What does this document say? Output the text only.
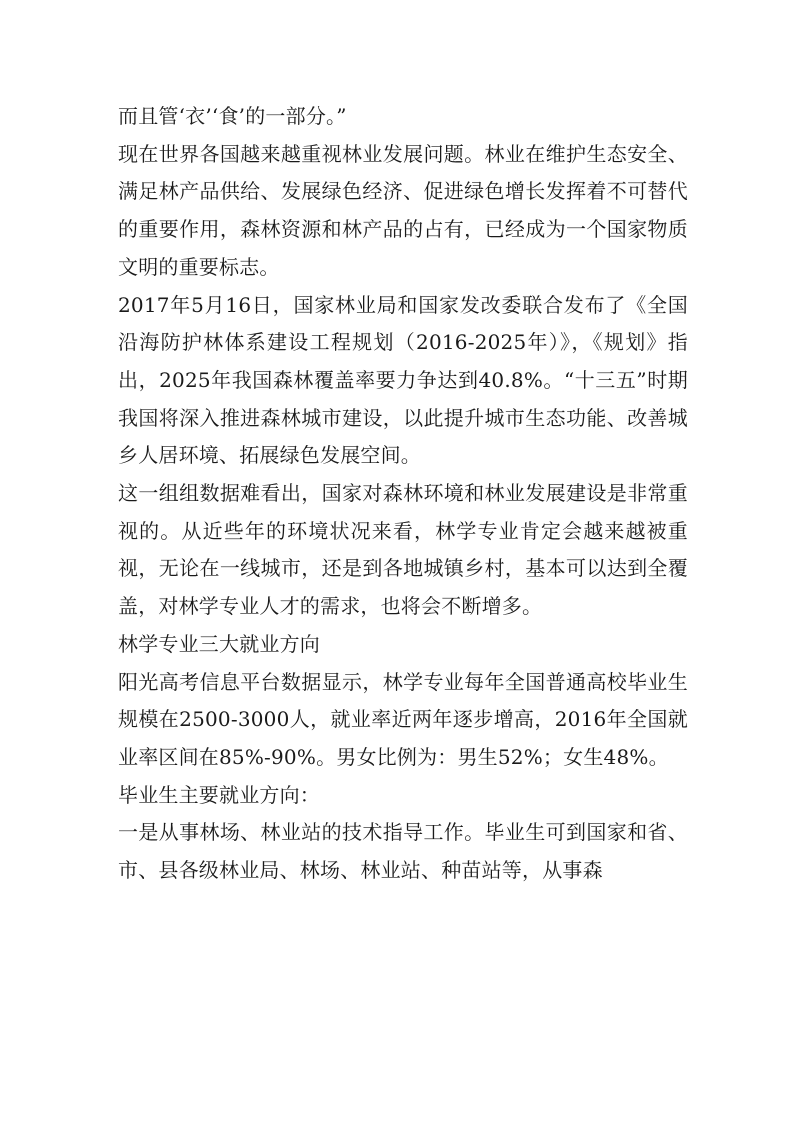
而且管‘衣’‘食’的一部分。”

现在世界各国越来越重视林业发展问题。林业在维护生态安全、满足林产品供给、发展绿色经济、促进绿色增长发挥着不可替代的重要作用，森林资源和林产品的占有，已经成为一个国家物质文明的重要标志。

2017年5月16日，国家林业局和国家发改委联合发布了《全国沿海防护林体系建设工程规划（2016-2025年）》，《规划》指出，2025年我国森林覆盖率要力争达到40.8%。“十三五”时期我国将深入推进森林城市建设，以此提升城市生态功能、改善城乡人居环境、拓展绿色发展空间。

这一组组数据难看出，国家对森林环境和林业发展建设是非常重视的。从近些年的环境状况来看，林学专业肯定会越来越被重视，无论在一线城市，还是到各地城镇乡村，基本可以达到全覆盖，对林学专业人才的需求，也将会不断增多。

林学专业三大就业方向

阳光高考信息平台数据显示，林学专业每年全国普通高校毕业生规模在2500-3000人，就业率近两年逐步增高，2016年全国就业率区间在85%-90%。男女比例为：男生52%；女生48%。

毕业生主要就业方向：

一是从事林场、林业站的技术指导工作。毕业生可到国家和省、市、县各级林业局、林场、林业站、种苗站等，从事森
